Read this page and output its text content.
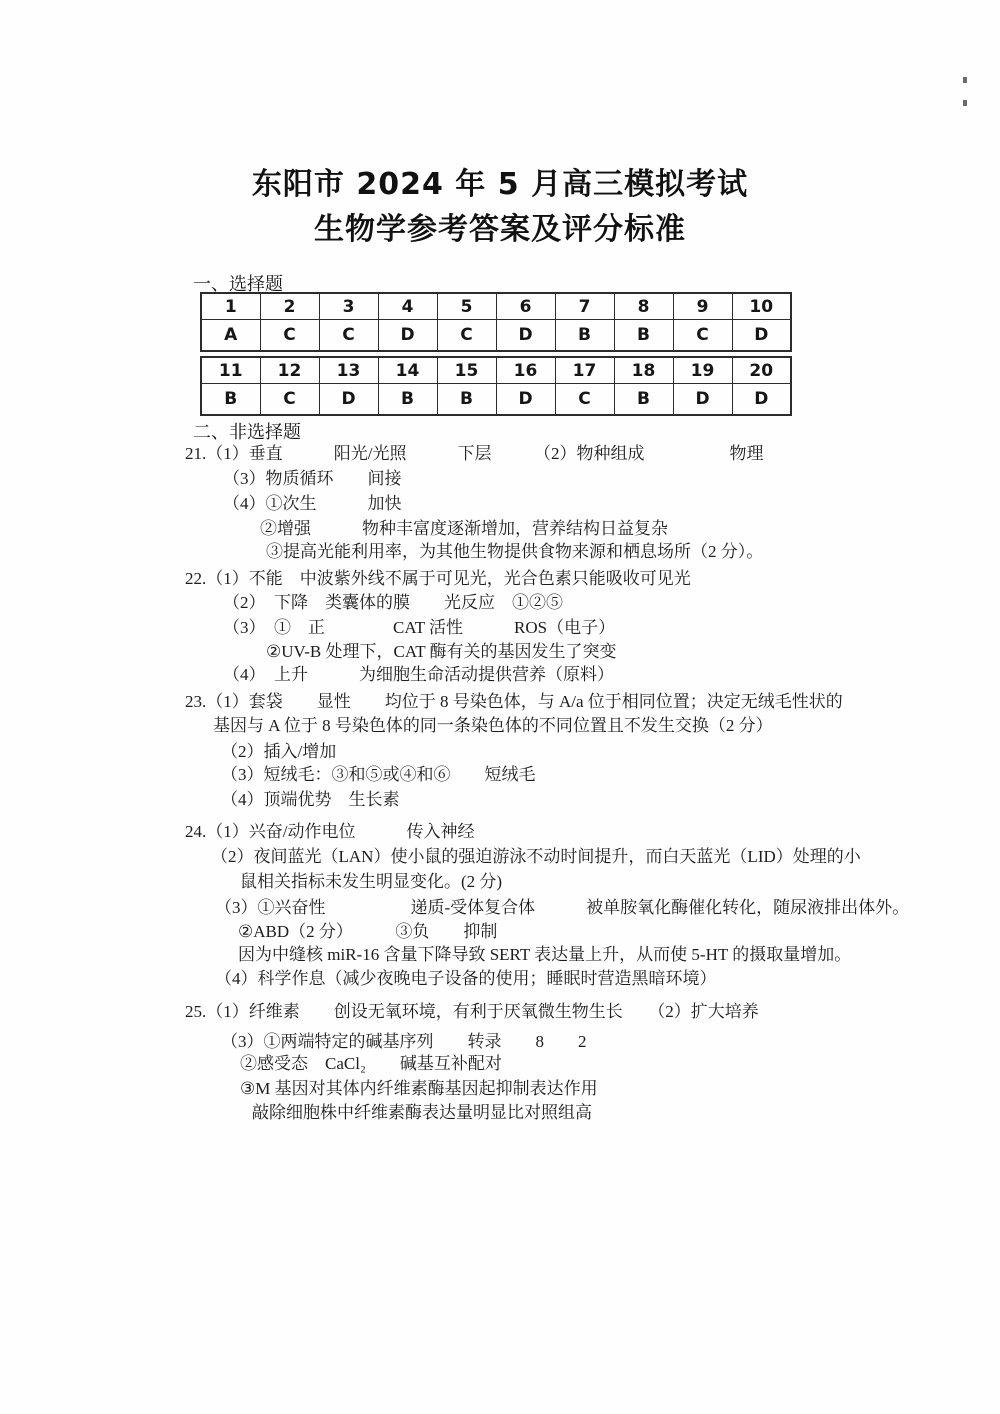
东阳市 2024 年 5 月高三模拟考试
生物学参考答案及评分标准
一、选择题
1	2	3	4	5	6	7	8	9	10
A	C	C	D	C	D	B	B	C	D
11	12	13	14	15	16	17	18	19	20
B	C	D	B	B	D	C	B	D	D
二、非选择题
21.（1）垂直　　　阳光/光照　　　下层　　　（2）物种组成　　　　　物理
（3）物质循环　　间接
（4）①次生　　　加快
②增强　　　物种丰富度逐渐增加，营养结构日益复杂
③提高光能利用率，为其他生物提供食物来源和栖息场所（2 分）。
22.（1）不能　中波紫外线不属于可见光，光合色素只能吸收可见光
（2）　下降　类囊体的膜　　光反应　①②⑤
（3）　①　正　　　　CAT 活性　　　ROS（电子）
②UV-B 处理下，CAT 酶有关的基因发生了突变
（4）　上升　　　为细胞生命活动提供营养（原料）
23.（1）套袋　　显性　　均位于 8 号染色体，与 A/a 位于相同位置；决定无绒毛性状的
基因与 A 位于 8 号染色体的同一条染色体的不同位置且不发生交换（2 分）
（2）插入/增加
（3）短绒毛：③和⑤或④和⑥　　短绒毛
（4）顶端优势　生长素
24.（1）兴奋/动作电位　　　传入神经
（2）夜间蓝光（LAN）使小鼠的强迫游泳不动时间提升，而白天蓝光（LID）处理的小
鼠相关指标未发生明显变化。(2 分)
（3）①兴奋性　　　　　递质-受体复合体　　　被单胺氧化酶催化转化，随尿液排出体外。
②ABD（2 分）　　　③负　　抑制
因为中缝核 miR-16 含量下降导致 SERT 表达量上升，从而使 5-HT 的摄取量增加。
（4）科学作息（减少夜晚电子设备的使用；睡眠时营造黑暗环境）
25.（1）纤维素　　创设无氧环境，有利于厌氧微生物生长　　（2）扩大培养
（3）①两端特定的碱基序列　　转录　　8　　2
②感受态　CaCl₂　　碱基互补配对
③M 基因对其体内纤维素酶基因起抑制表达作用
敲除细胞株中纤维素酶表达量明显比对照组高
